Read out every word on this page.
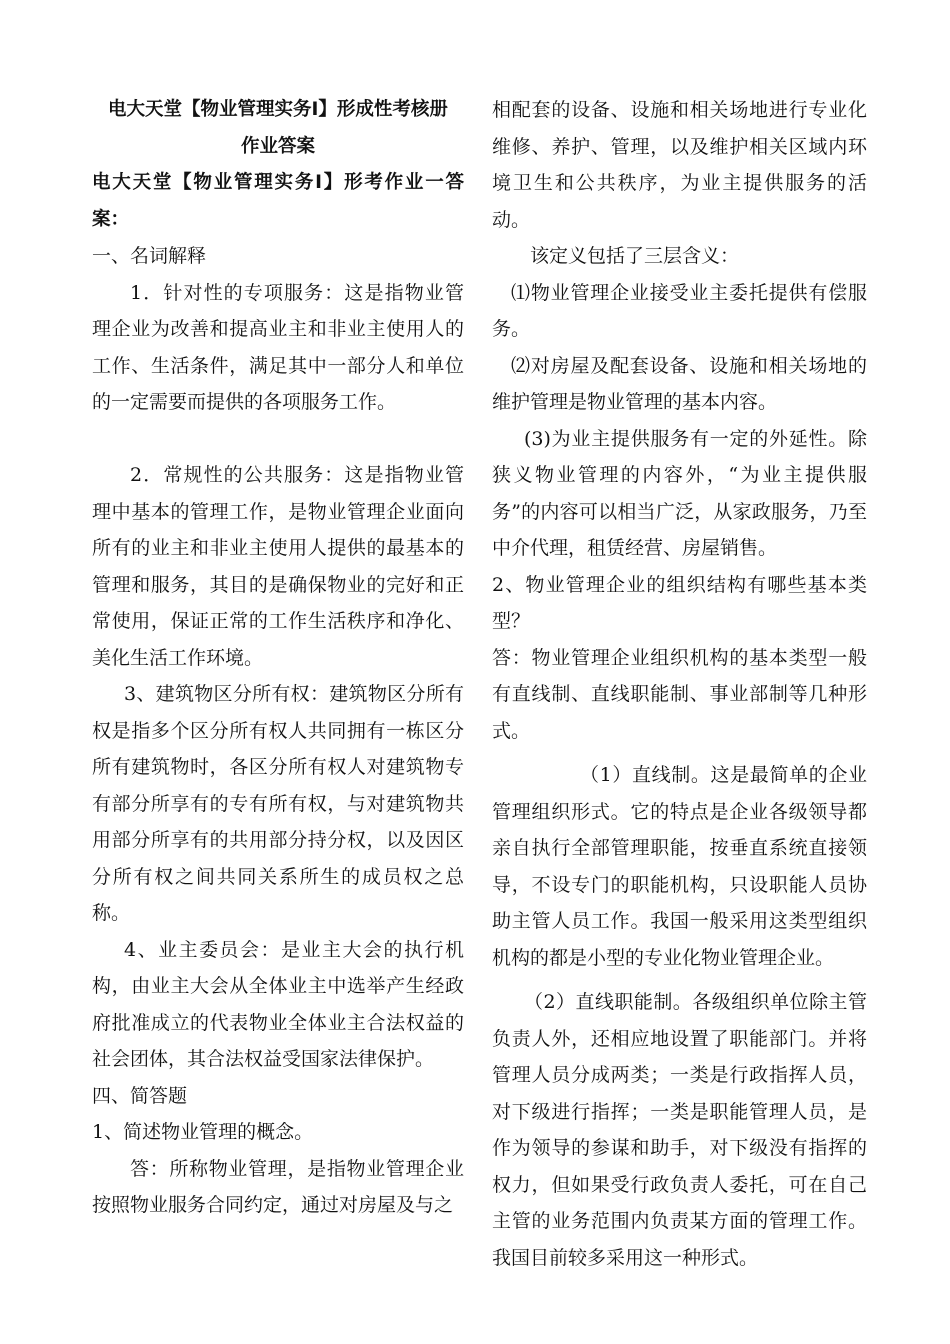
电大天堂【物业管理实务Ⅰ】形成性考核册

作业答案

电大天堂【物业管理实务Ⅰ】形考作业一答案：

一、名词解释

1．针对性的专项服务：这是指物业管理企业为改善和提高业主和非业主使用人的工作、生活条件，满足其中一部分人和单位的一定需要而提供的各项服务工作。

2．常规性的公共服务：这是指物业管理中基本的管理工作，是物业管理企业面向所有的业主和非业主使用人提供的最基本的管理和服务，其目的是确保物业的完好和正常使用，保证正常的工作生活秩序和净化、美化生活工作环境。

3、建筑物区分所有权：建筑物区分所有权是指多个区分所有权人共同拥有一栋区分所有建筑物时，各区分所有权人对建筑物专有部分所享有的专有所有权，与对建筑物共用部分所享有的共用部分持分权，以及因区分所有权之间共同关系所生的成员权之总称。

4、业主委员会：是业主大会的执行机构，由业主大会从全体业主中选举产生经政府批准成立的代表物业全体业主合法权益的社会团体，其合法权益受国家法律保护。

四、简答题

1、简述物业管理的概念。

答：所称物业管理，是指物业管理企业按照物业服务合同约定，通过对房屋及与之

相配套的设备、设施和相关场地进行专业化维修、养护、管理，以及维护相关区域内环境卫生和公共秩序，为业主提供服务的活动。

该定义包括了三层含义：

⑴物业管理企业接受业主委托提供有偿服务。

⑵对房屋及配套设备、设施和相关场地的维护管理是物业管理的基本内容。

(3)为业主提供服务有一定的外延性。除狭义物业管理的内容外，“为业主提供服务”的内容可以相当广泛，从家政服务，乃至中介代理，租赁经营、房屋销售。

2、物业管理企业的组织结构有哪些基本类型？

答：物业管理企业组织机构的基本类型一般有直线制、直线职能制、事业部制等几种形式。

（1）直线制。这是最简单的企业管理组织形式。它的特点是企业各级领导都亲自执行全部管理职能，按垂直系统直接领导，不设专门的职能机构，只设职能人员协助主管人员工作。我国一般采用这类型组织机构的都是小型的专业化物业管理企业。

（2）直线职能制。各级组织单位除主管负责人外，还相应地设置了职能部门。并将管理人员分成两类；一类是行政指挥人员，对下级进行指挥；一类是职能管理人员，是作为领导的参谋和助手，对下级没有指挥的权力，但如果受行政负责人委托，可在自己主管的业务范围内负责某方面的管理工作。我国目前较多采用这一种形式。
